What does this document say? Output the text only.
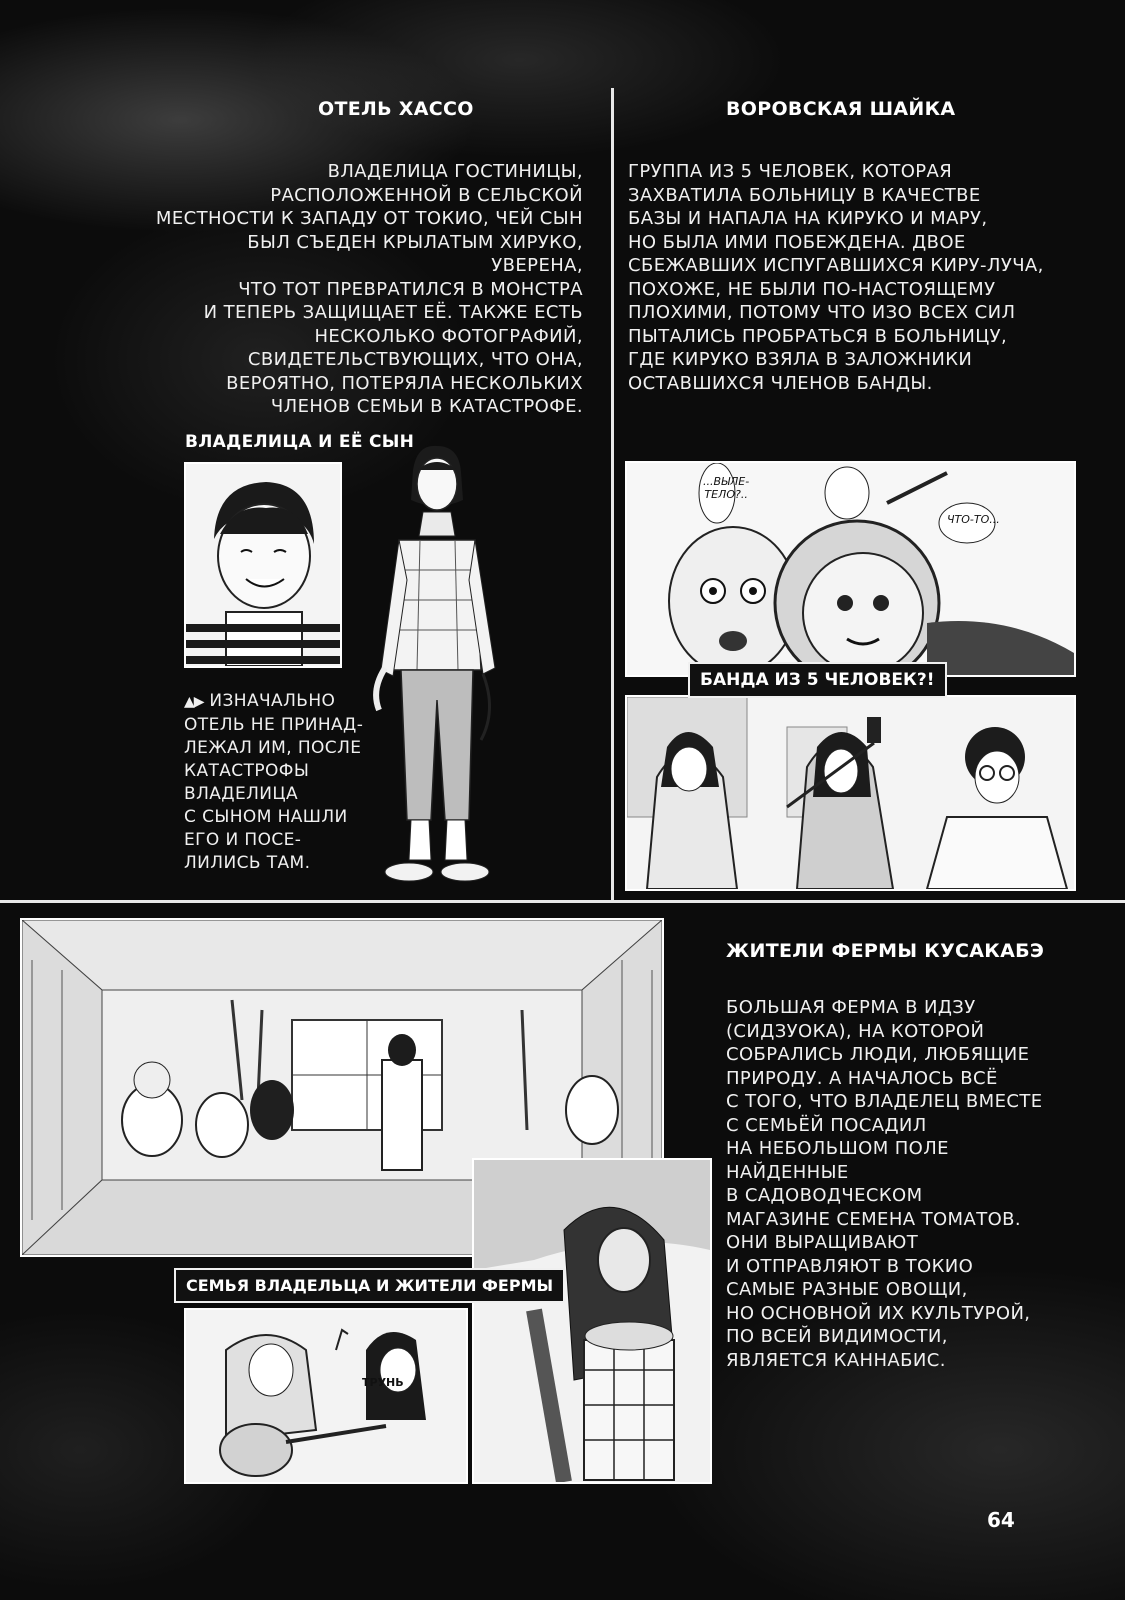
ОТЕЛЬ ХАССО
ВЛАДЕЛИЦА ГОСТИНИЦЫ,
РАСПОЛОЖЕННОЙ В СЕЛЬСКОЙ
МЕСТНОСТИ К ЗАПАДУ ОТ ТОКИО, ЧЕЙ СЫН
БЫЛ СЪЕДЕН КРЫЛАТЫМ ХИРУКО, УВЕРЕНА,
ЧТО ТОТ ПРЕВРАТИЛСЯ В МОНСТРА
И ТЕПЕРЬ ЗАЩИЩАЕТ ЕЁ. ТАКЖЕ ЕСТЬ
НЕСКОЛЬКО ФОТОГРАФИЙ,
СВИДЕТЕЛЬСТВУЮЩИХ, ЧТО ОНА,
ВЕРОЯТНО, ПОТЕРЯЛА НЕСКОЛЬКИХ
ЧЛЕНОВ СЕМЬИ В КАТАСТРОФЕ.
ВЛАДЕЛИЦА И ЕЁ СЫН
▲▶ ИЗНАЧАЛЬНО
ОТЕЛЬ НЕ ПРИНАД-
ЛЕЖАЛ ИМ, ПОСЛЕ
КАТАСТРОФЫ
ВЛАДЕЛИЦА
С СЫНОМ НАШЛИ
ЕГО И ПОСЕ-
ЛИЛИСЬ ТАМ.
ВОРОВСКАЯ ШАЙКА
ГРУППА ИЗ 5 ЧЕЛОВЕК, КОТОРАЯ
ЗАХВАТИЛА БОЛЬНИЦУ В КАЧЕСТВЕ
БАЗЫ И НАПАЛА НА КИРУКО И МАРУ,
НО БЫЛА ИМИ ПОБЕЖДЕНА. ДВОЕ
СБЕЖАВШИХ ИСПУГАВШИХСЯ КИРУ-ЛУЧА,
ПОХОЖЕ, НЕ БЫЛИ ПО-НАСТОЯЩЕМУ
ПЛОХИМИ, ПОТОМУ ЧТО ИЗО ВСЕХ СИЛ
ПЫТАЛИСЬ ПРОБРАТЬСЯ В БОЛЬНИЦУ,
ГДЕ КИРУКО ВЗЯЛА В ЗАЛОЖНИКИ
ОСТАВШИХСЯ ЧЛЕНОВ БАНДЫ.
...ВЫЛЕ-
ТЕЛО?..
ЧТО-ТО...
БАНДА ИЗ 5 ЧЕЛОВЕК?!
ТРУНЬ
СЕМЬЯ ВЛАДЕЛЬЦА И ЖИТЕЛИ ФЕРМЫ
ЖИТЕЛИ ФЕРМЫ КУСАКАБЭ
БОЛЬШАЯ ФЕРМА В ИДЗУ
(СИДЗУОКА), НА КОТОРОЙ
СОБРАЛИСЬ ЛЮДИ, ЛЮБЯЩИЕ
ПРИРОДУ. А НАЧАЛОСЬ ВСЁ
С ТОГО, ЧТО ВЛАДЕЛЕЦ ВМЕСТЕ
С СЕМЬЁЙ ПОСАДИЛ
НА НЕБОЛЬШОМ ПОЛЕ
НАЙДЕННЫЕ
В САДОВОДЧЕСКОМ
МАГАЗИНЕ СЕМЕНА ТОМАТОВ.
ОНИ ВЫРАЩИВАЮТ
И ОТПРАВЛЯЮТ В ТОКИО
САМЫЕ РАЗНЫЕ ОВОЩИ,
НО ОСНОВНОЙ ИХ КУЛЬТУРОЙ,
ПО ВСЕЙ ВИДИМОСТИ,
ЯВЛЯЕТСЯ КАННАБИС.
64
